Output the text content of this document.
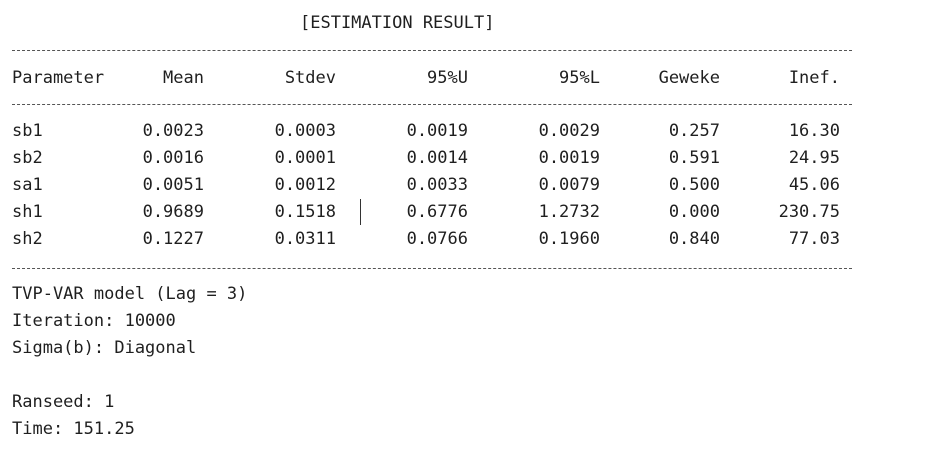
[ESTIMATION RESULT]
Parameter	Mean	Stdev	95%U	95%L	Geweke	Inef.
sb1	0.0023	0.0003	0.0019	0.0029	0.257	16.30
sb2	0.0016	0.0001	0.0014	0.0019	0.591	24.95
sa1	0.0051	0.0012	0.0033	0.0079	0.500	45.06
sh1	0.9689	0.1518	0.6776	1.2732	0.000	230.75
sh2	0.1227	0.0311	0.0766	0.1960	0.840	77.03
TVP-VAR model (Lag = 3)
Iteration: 10000
Sigma(b): Diagonal
Ranseed: 1
Time: 151.25
